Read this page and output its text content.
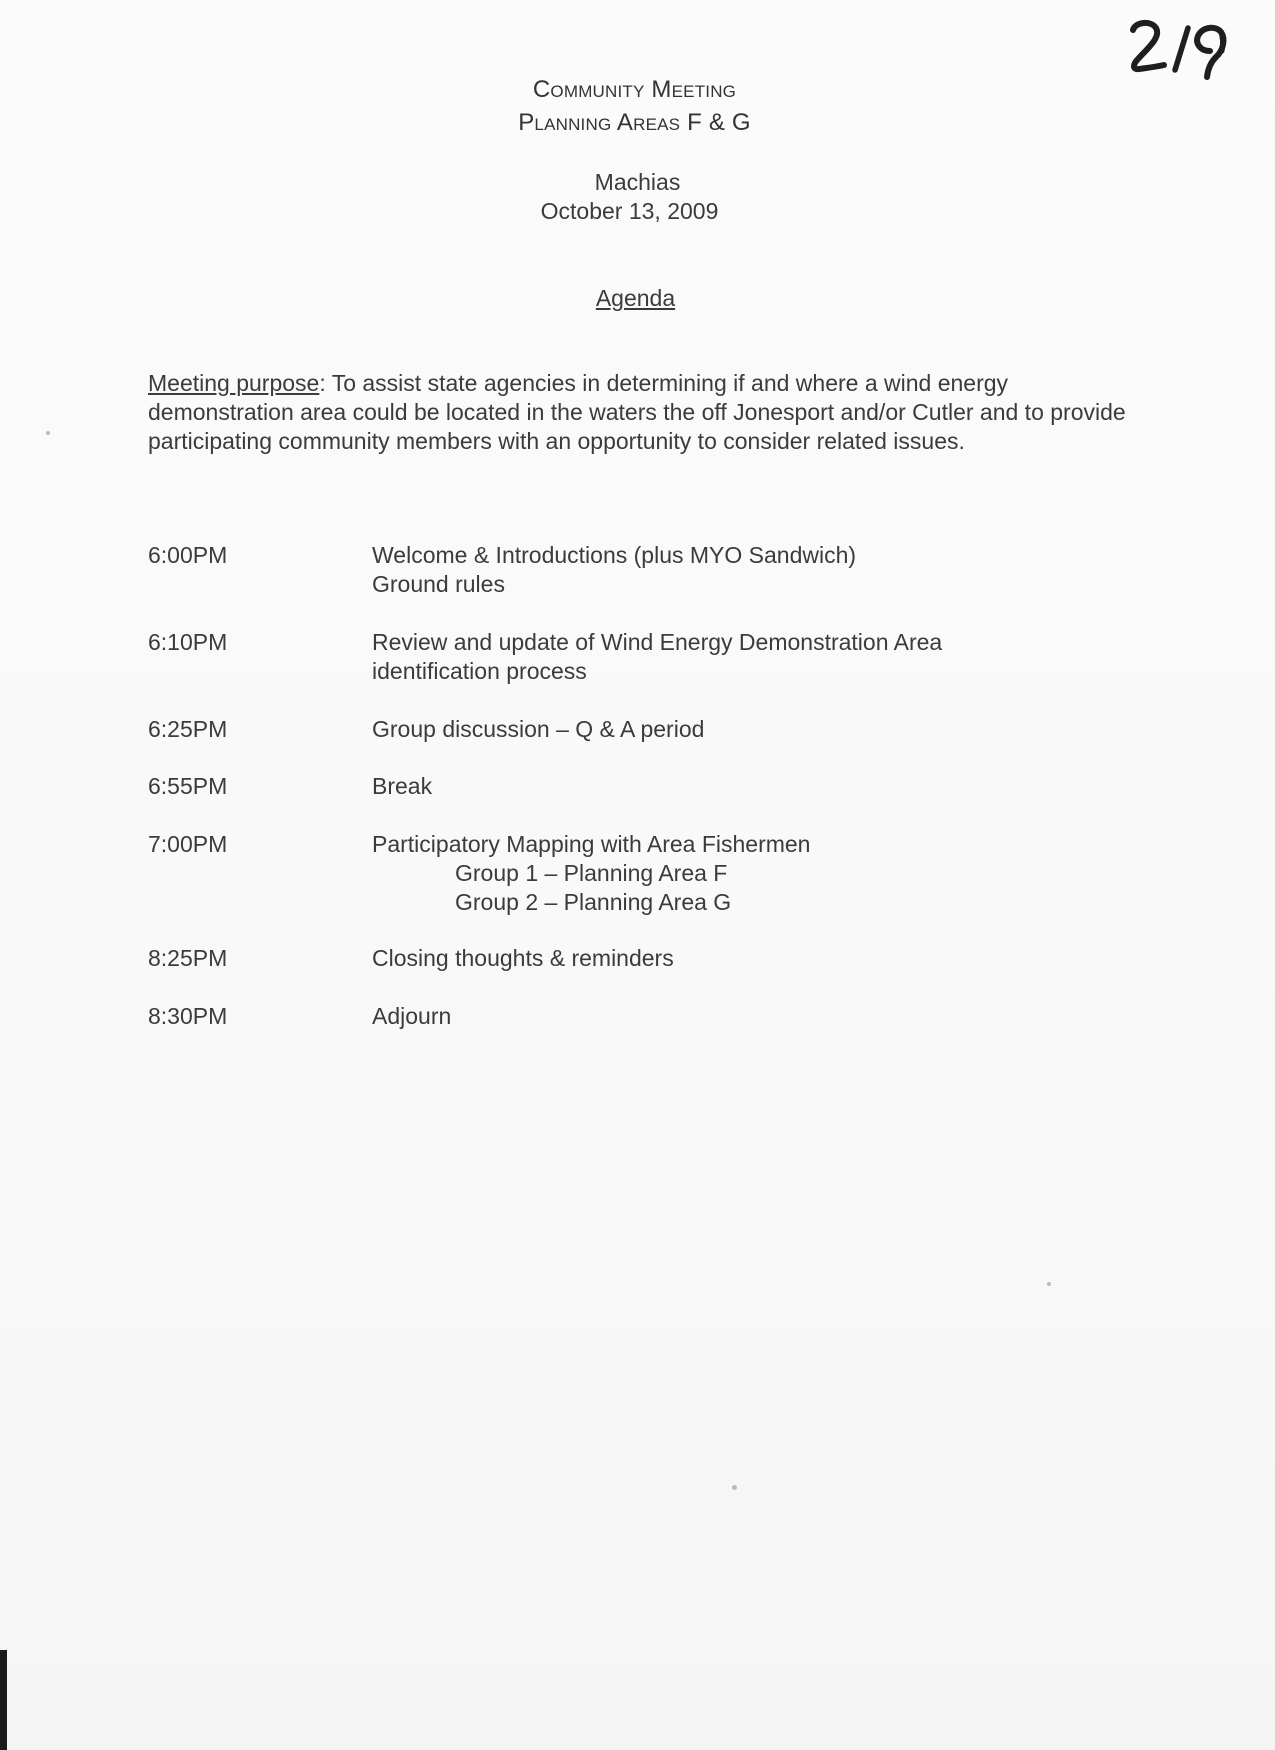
Community Meeting
Planning Areas F & G
Machias
October 13, 2009
Agenda
Meeting purpose: To assist state agencies in determining if and where a wind energy demonstration area could be located in the waters the off Jonesport and/or Cutler and to provide participating community members with an opportunity to consider related issues.
6:00PM	Welcome & Introductions (plus MYO Sandwich)
Ground rules
6:10PM	Review and update of Wind Energy Demonstration Area
identification process
6:25PM	Group discussion – Q & A period
6:55PM	Break
7:00PM	Participatory Mapping with Area Fishermen
Group 1 – Planning Area F
Group 2 – Planning Area G
8:25PM	Closing thoughts & reminders
8:30PM	Adjourn
